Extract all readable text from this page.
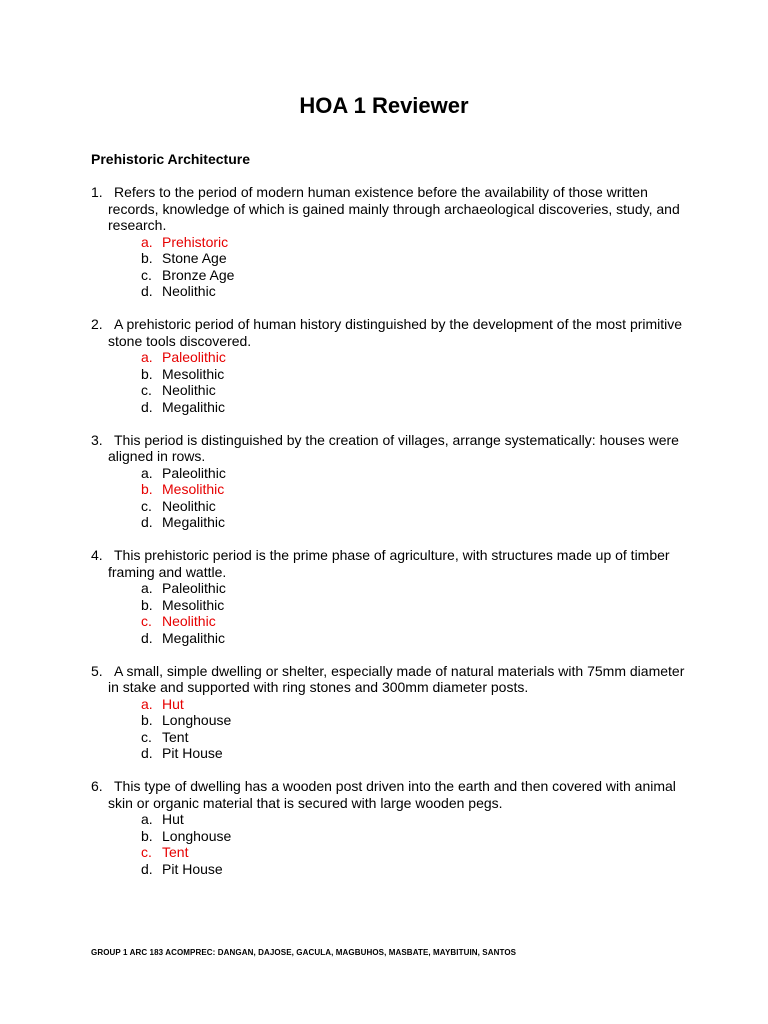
HOA 1 Reviewer
Prehistoric Architecture
1. Refers to the period of modern human existence before the availability of those written records, knowledge of which is gained mainly through archaeological discoveries, study, and research.
a. Prehistoric
b. Stone Age
c. Bronze Age
d. Neolithic
2. A prehistoric period of human history distinguished by the development of the most primitive stone tools discovered.
a. Paleolithic
b. Mesolithic
c. Neolithic
d. Megalithic
3. This period is distinguished by the creation of villages, arrange systematically: houses were aligned in rows.
a. Paleolithic
b. Mesolithic
c. Neolithic
d. Megalithic
4. This prehistoric period is the prime phase of agriculture, with structures made up of timber framing and wattle.
a. Paleolithic
b. Mesolithic
c. Neolithic
d. Megalithic
5. A small, simple dwelling or shelter, especially made of natural materials with 75mm diameter in stake and supported with ring stones and 300mm diameter posts.
a. Hut
b. Longhouse
c. Tent
d. Pit House
6. This type of dwelling has a wooden post driven into the earth and then covered with animal skin or organic material that is secured with large wooden pegs.
a. Hut
b. Longhouse
c. Tent
d. Pit House
GROUP 1 ARC 183 ACOMPREC: DANGAN, DAJOSE, GACULA, MAGBUHOS, MASBATE, MAYBITUIN, SANTOS
